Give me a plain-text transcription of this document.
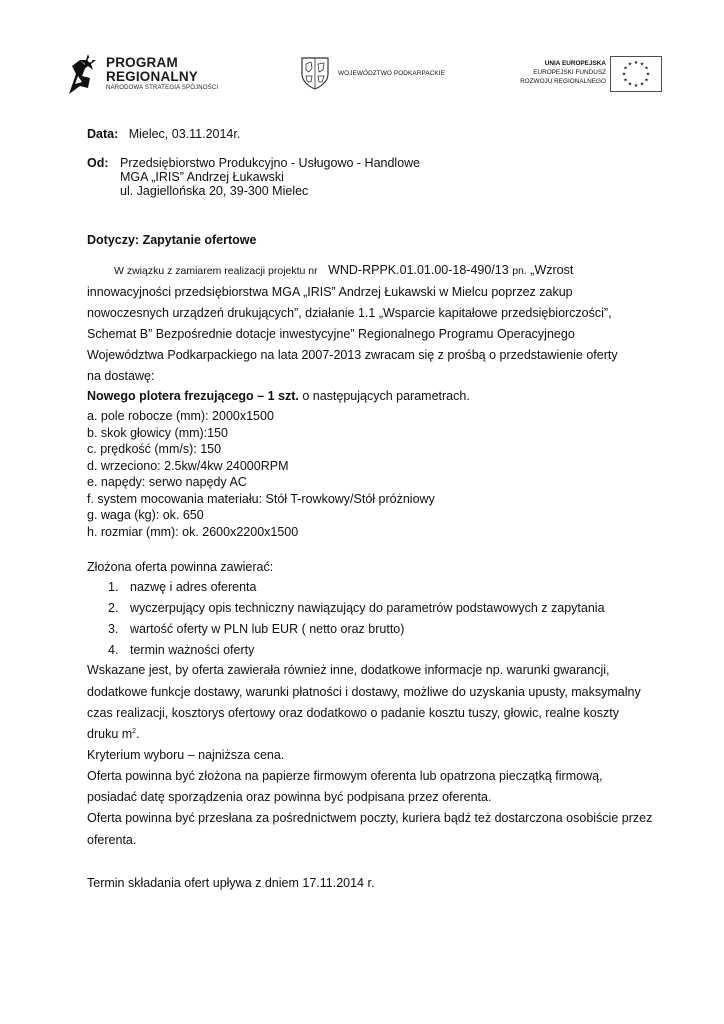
PROGRAM
REGIONALNY
NARODOWA STRATEGIA SPÓJNOŚCI
WOJEWÓDZTWO PODKARPACKIE
UNIA EUROPEJSKA
EUROPEJSKI FUNDUSZ
ROZWOJU REGIONALNEGO
★ ★
★
★
★
★
★
★
★
★
★
★
Data: Mielec, 03.11.2014r.
Od: Przedsiębiorstwo Produkcyjno - Usługowo - Handlowe
MGA „IRIS” Andrzej Łukawski
ul. Jagiellońska 20, 39-300 Mielec
Dotyczy: Zapytanie ofertowe
W związku z zamiarem realizacji projektu nr WND-RPPK.01.01.00-18-490/13 pn. „Wzrost
innowacyjności przedsiębiorstwa MGA „IRIS” Andrzej Łukawski w Mielcu poprzez zakup
nowoczesnych urządzeń drukujących”, działanie 1.1 „Wsparcie kapitałowe przedsiębiorczości”,
Schemat B” Bezpośrednie dotacje inwestycyjne” Regionalnego Programu Operacyjnego
Województwa Podkarpackiego na lata 2007-2013 zwracam się z prośbą o przedstawienie oferty
na dostawę:
Nowego plotera frezującego – 1 szt. o następujących parametrach.
a. pole robocze (mm): 2000x1500
b. skok głowicy (mm):150
c. prędkość (mm/s): 150
d. wrzeciono: 2.5kw/4kw 24000RPM
e. napędy: serwo napędy AC
f. system mocowania materiału: Stół T-rowkowy/Stół próżniowy
g. waga (kg): ok. 650
h. rozmiar (mm): ok. 2600x2200x1500
Złożona oferta powinna zawierać:
1. nazwę i adres oferenta
2. wyczerpujący opis techniczny nawiązujący do parametrów podstawowych z zapytania
3. wartość oferty w PLN lub EUR ( netto oraz brutto)
4. termin ważności oferty
Wskazane jest, by oferta zawierała również inne, dodatkowe informacje np. warunki gwarancji,
dodatkowe funkcje dostawy, warunki płatności i dostawy, możliwe do uzyskania upusty, maksymalny
czas realizacji, kosztorys ofertowy oraz dodatkowo o padanie kosztu tuszy, głowic, realne koszty
druku $m^2$.
Kryterium wyboru – najniższa cena.
Oferta powinna być złożona na papierze firmowym oferenta lub opatrzona pieczątką firmową,
posiadać datę sporządzenia oraz powinna być podpisana przez oferenta.
Oferta powinna być przesłana za pośrednictwem poczty, kuriera bądź też dostarczona osobiście przez
oferenta.
Termin składania ofert upływa z dniem 17.11.2014 r.
